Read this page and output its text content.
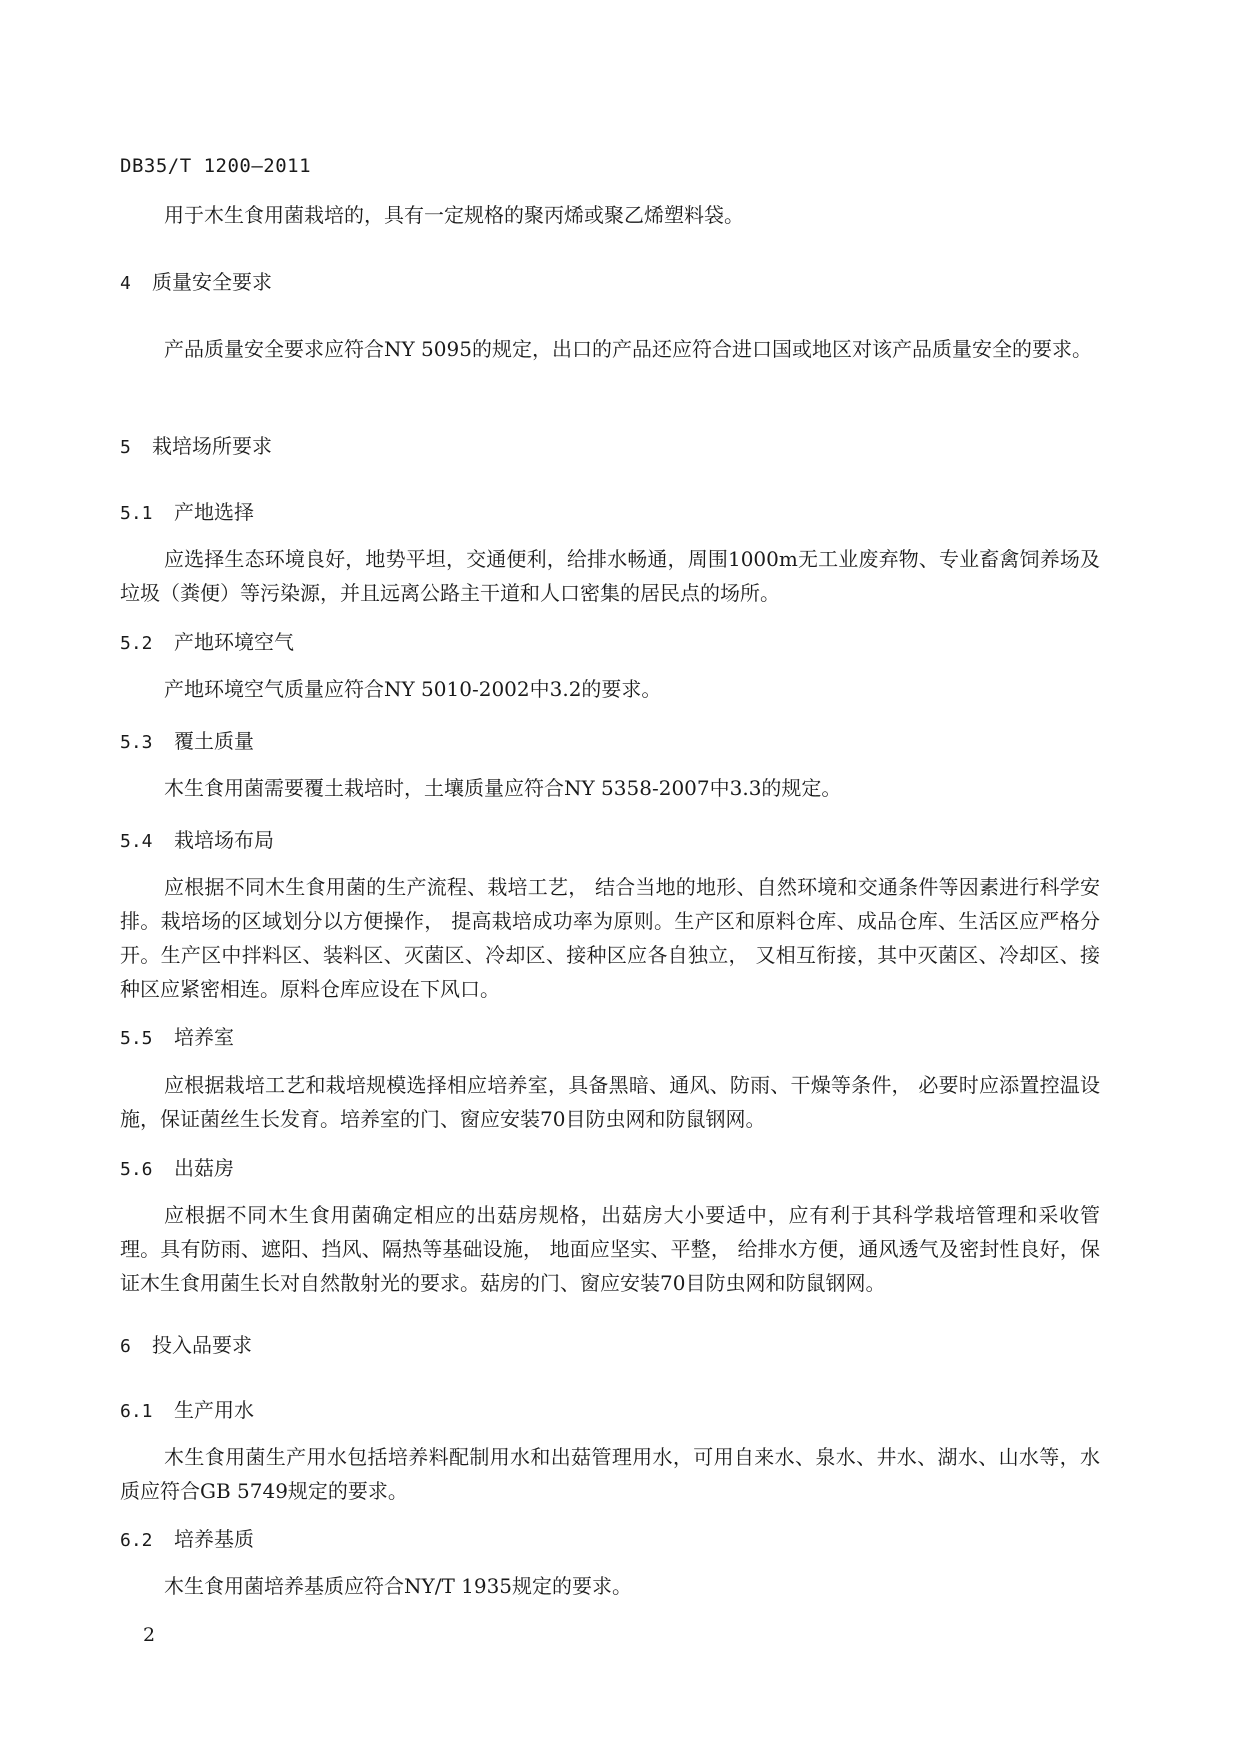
DB35/T 1200—2011

用于木生食用菌栽培的，具有一定规格的聚丙烯或聚乙烯塑料袋。

4 质量安全要求

产品质量安全要求应符合NY 5095的规定，出口的产品还应符合进口国或地区对该产品质量安全的要求。

5 栽培场所要求
5.1 产地选择

应选择生态环境良好，地势平坦，交通便利，给排水畅通，周围1000m无工业废弃物、专业畜禽饲养场及垃圾（粪便）等污染源，并且远离公路主干道和人口密集的居民点的场所。

5.2 产地环境空气

产地环境空气质量应符合NY 5010-2002中3.2的要求。

5.3 覆土质量

木生食用菌需要覆土栽培时，土壤质量应符合NY 5358-2007中3.3的规定。

5.4 栽培场布局

应根据不同木生食用菌的生产流程、栽培工艺， 结合当地的地形、自然环境和交通条件等因素进行科学安排。栽培场的区域划分以方便操作， 提高栽培成功率为原则。生产区和原料仓库、成品仓库、生活区应严格分开。生产区中拌料区、装料区、灭菌区、冷却区、接种区应各自独立， 又相互衔接，其中灭菌区、冷却区、接种区应紧密相连。原料仓库应设在下风口。

5.5 培养室

应根据栽培工艺和栽培规模选择相应培养室，具备黑暗、通风、防雨、干燥等条件， 必要时应添置控温设施，保证菌丝生长发育。培养室的门、窗应安装70目防虫网和防鼠钢网。

5.6 出菇房

应根据不同木生食用菌确定相应的出菇房规格，出菇房大小要适中，应有利于其科学栽培管理和采收管理。具有防雨、遮阳、挡风、隔热等基础设施， 地面应坚实、平整， 给排水方便，通风透气及密封性良好，保证木生食用菌生长对自然散射光的要求。菇房的门、窗应安装70目防虫网和防鼠钢网。

6 投入品要求
6.1 生产用水

木生食用菌生产用水包括培养料配制用水和出菇管理用水，可用自来水、泉水、井水、湖水、山水等，水质应符合GB 5749规定的要求。

6.2 培养基质

木生食用菌培养基质应符合NY/T 1935规定的要求。

2
